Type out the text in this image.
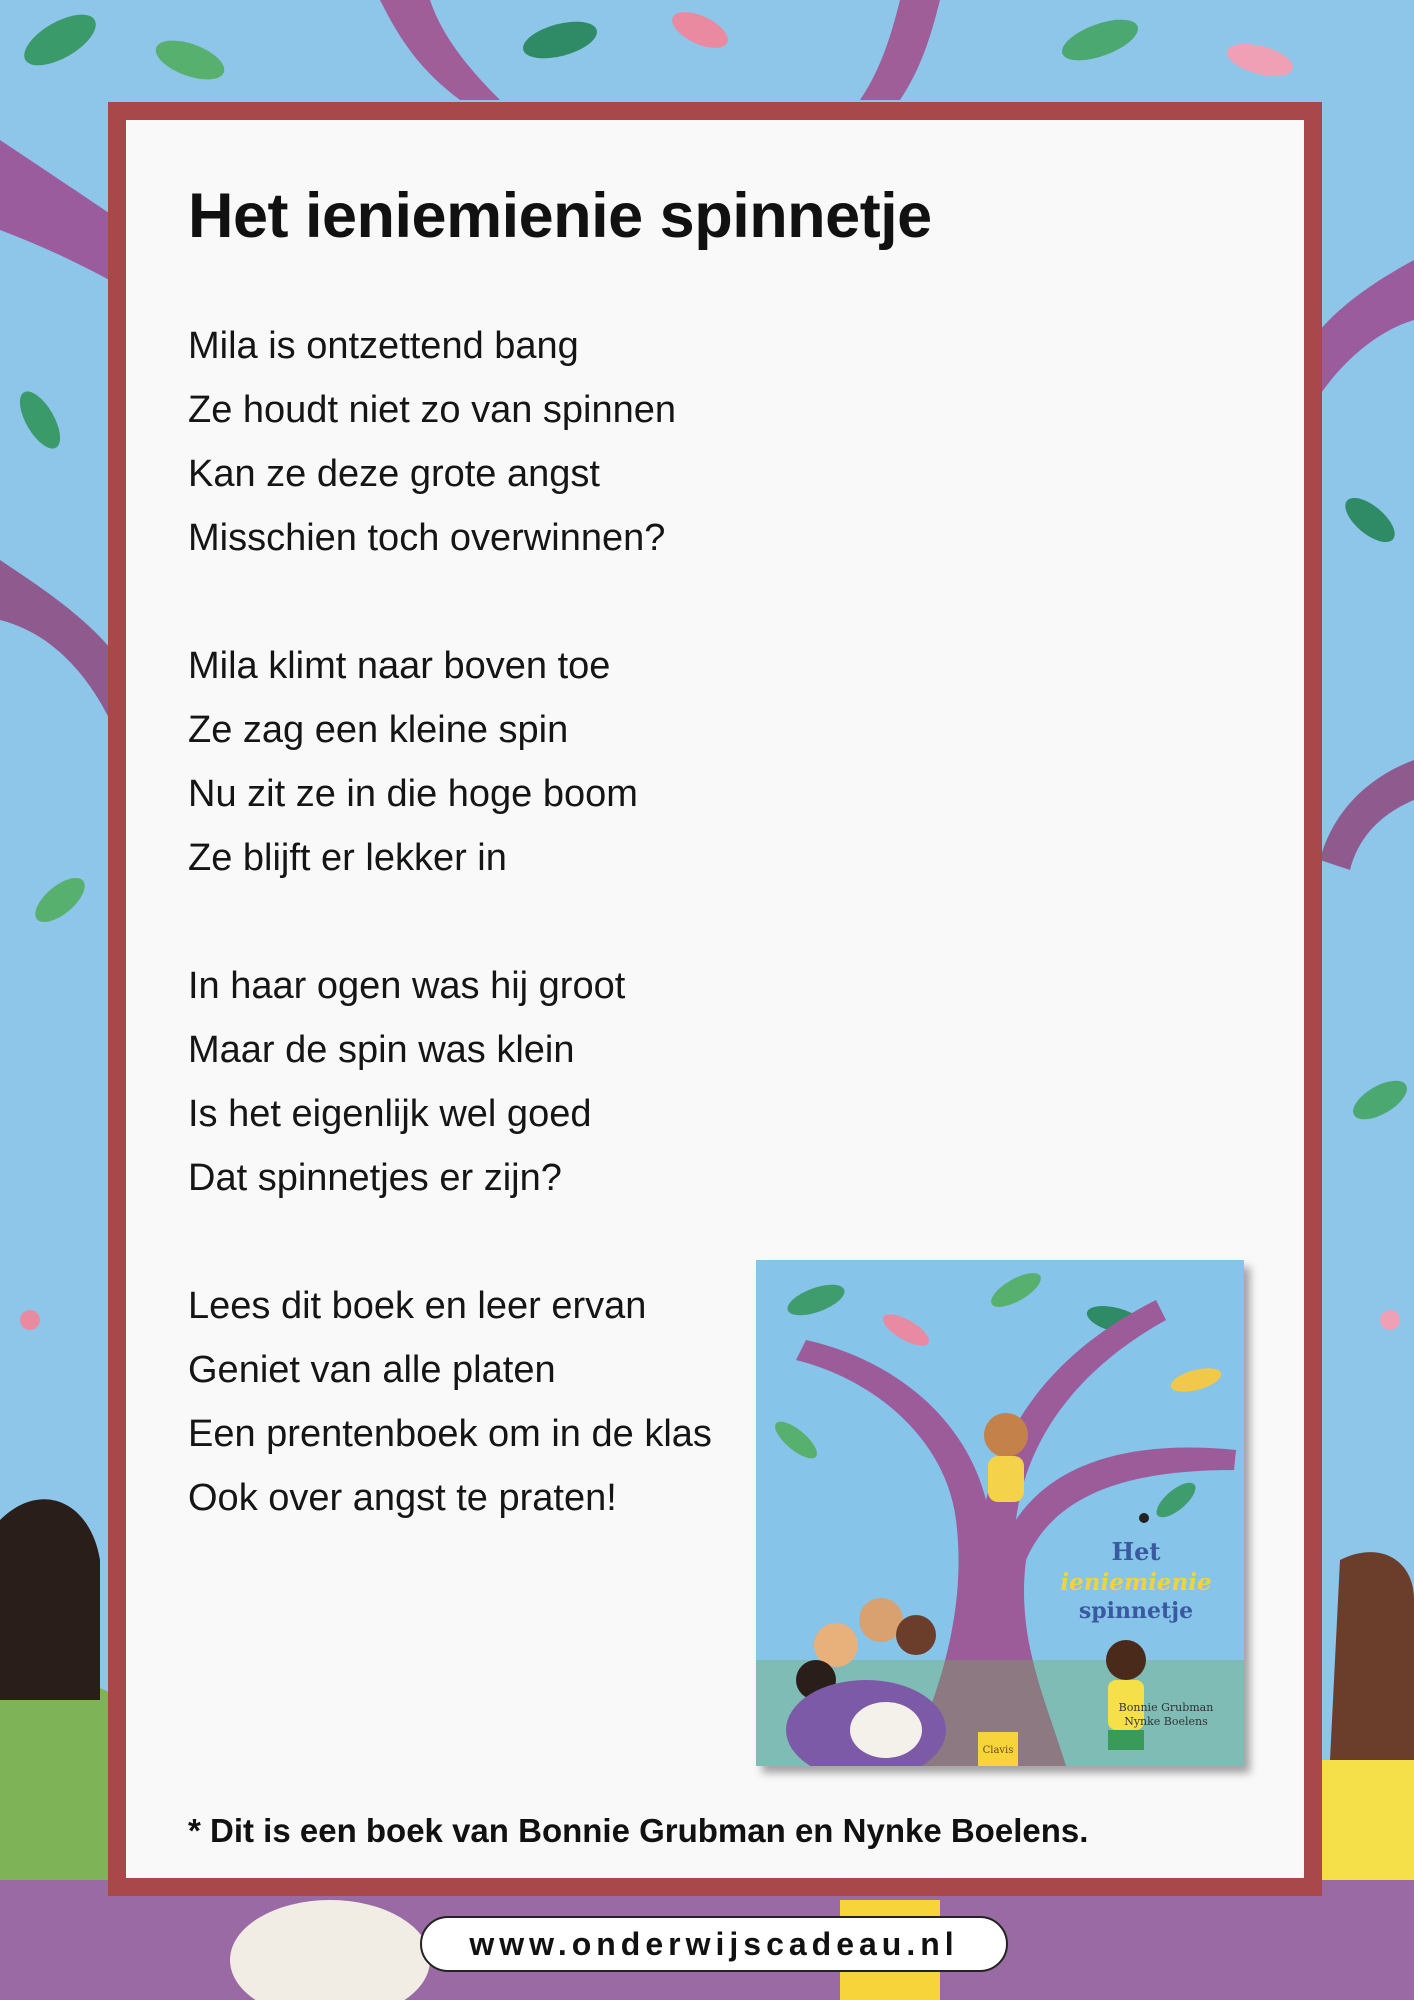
Het ieniemienie spinnetje

Mila is ontzettend bang
Ze houdt niet zo van spinnen
Kan ze deze grote angst
Misschien toch overwinnen?

Mila klimt naar boven toe
Ze zag een kleine spin
Nu zit ze in die hoge boom
Ze blijft er lekker in

In haar ogen was hij groot
Maar de spin was klein
Is het eigenlijk wel goed
Dat spinnetjes er zijn?

Lees dit boek en leer ervan
Geniet van alle platen
Een prentenboek om in de klas
Ook over angst te praten!

Clavis
Het
ieniemienie
spinnetje
Bonnie Grubman
Nynke Boelens

* Dit is een boek van Bonnie Grubman en Nynke Boelens.

www.onderwijscadeau.nl
